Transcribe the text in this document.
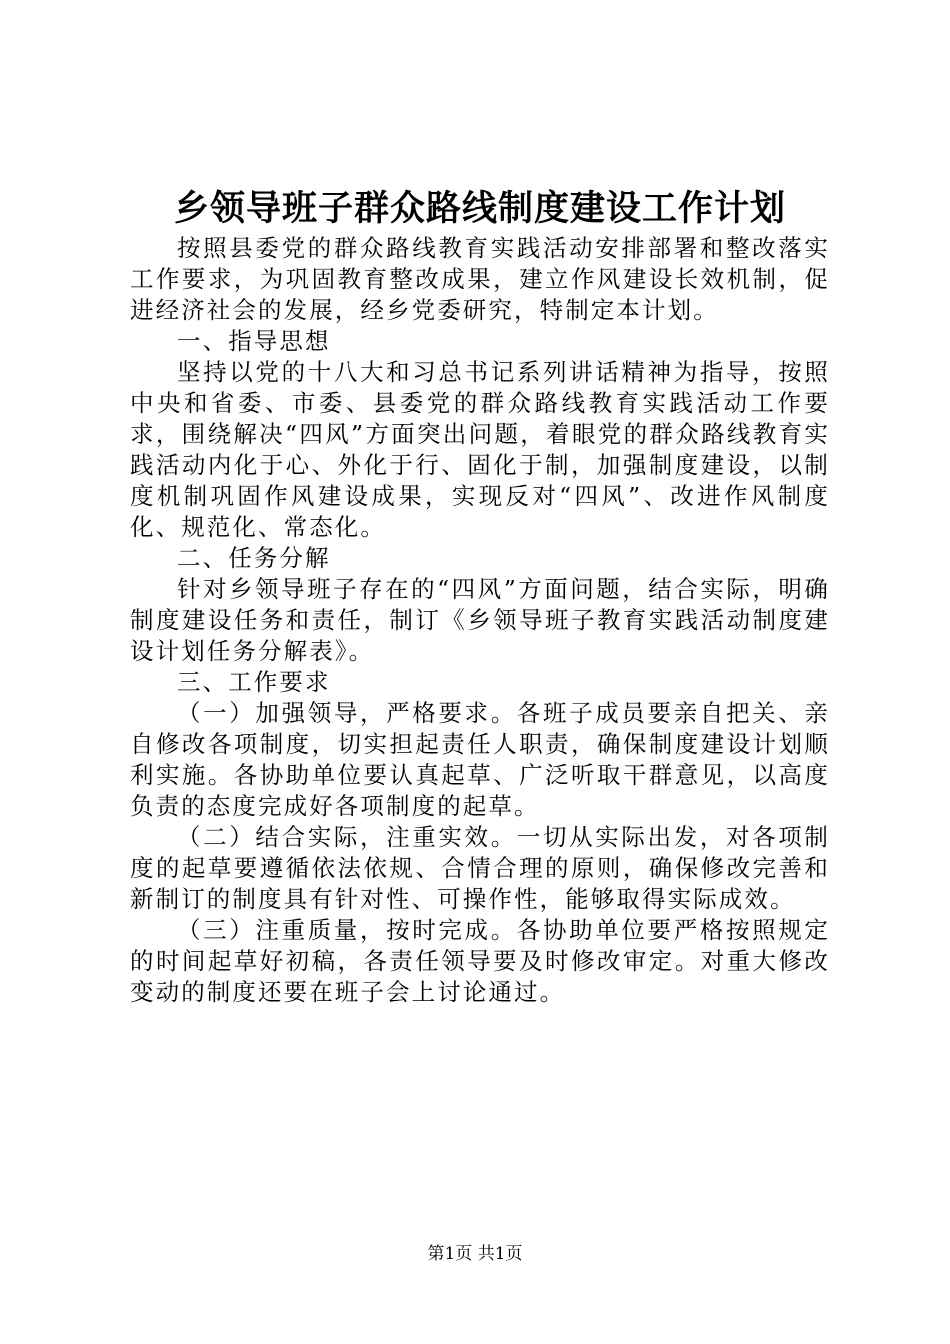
乡领导班子群众路线制度建设工作计划

按照县委党的群众路线教育实践活动安排部署和整改落实工作要求，为巩固教育整改成果，建立作风建设长效机制，促进经济社会的发展，经乡党委研究，特制定本计划。

一、指导思想

坚持以党的十八大和习总书记系列讲话精神为指导，按照中央和省委、市委、县委党的群众路线教育实践活动工作要求，围绕解决“四风”方面突出问题，着眼党的群众路线教育实践活动内化于心、外化于行、固化于制，加强制度建设，以制度机制巩固作风建设成果，实现反对“四风”、改进作风制度化、规范化、常态化。

二、任务分解

针对乡领导班子存在的“四风”方面问题，结合实际，明确制度建设任务和责任，制订《乡领导班子教育实践活动制度建设计划任务分解表》。

三、工作要求

（一）加强领导，严格要求。各班子成员要亲自把关、亲自修改各项制度，切实担起责任人职责，确保制度建设计划顺利实施。各协助单位要认真起草、广泛听取干群意见，以高度负责的态度完成好各项制度的起草。

（二）结合实际，注重实效。一切从实际出发，对各项制度的起草要遵循依法依规、合情合理的原则，确保修改完善和新制订的制度具有针对性、可操作性，能够取得实际成效。

（三）注重质量，按时完成。各协助单位要严格按照规定的时间起草好初稿，各责任领导要及时修改审定。对重大修改变动的制度还要在班子会上讨论通过。

第1页 共1页
